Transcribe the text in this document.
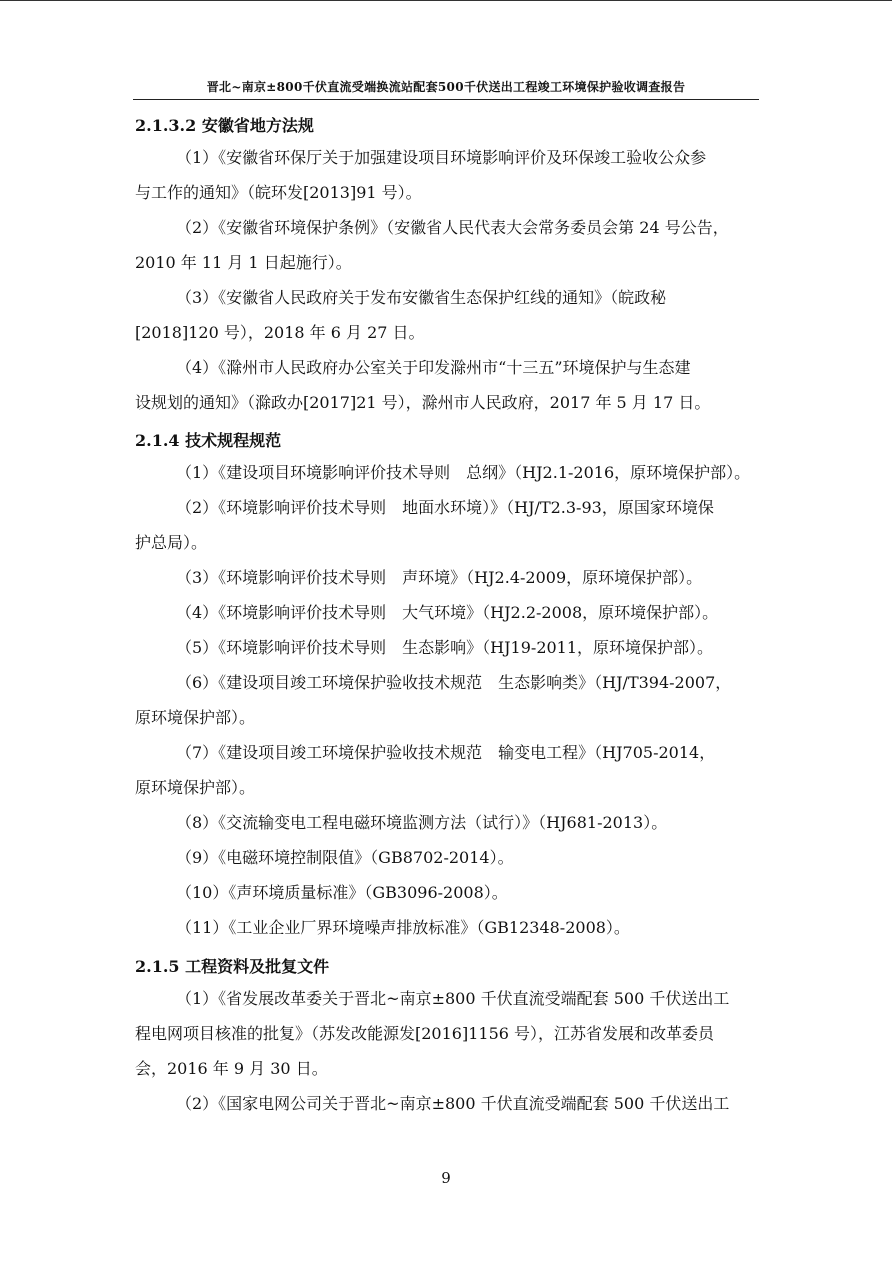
晋北~南京±800千伏直流受端换流站配套500千伏送出工程竣工环境保护验收调查报告
2.1.3.2 安徽省地方法规
（1）《安徽省环保厅关于加强建设项目环境影响评价及环保竣工验收公众参
与工作的通知》（皖环发[2013]91 号）。
（2）《安徽省环境保护条例》（安徽省人民代表大会常务委员会第 24 号公告，
2010 年 11 月 1 日起施行）。
（3）《安徽省人民政府关于发布安徽省生态保护红线的通知》（皖政秘
[2018]120 号），2018 年 6 月 27 日。
（4）《滁州市人民政府办公室关于印发滁州市“十三五”环境保护与生态建
设规划的通知》（滁政办[2017]21 号），滁州市人民政府，2017 年 5 月 17 日。
2.1.4 技术规程规范
（1）《建设项目环境影响评价技术导则　总纲》（HJ2.1-2016，原环境保护部）。
（2）《环境影响评价技术导则　地面水环境）》（HJ/T2.3-93，原国家环境保
护总局）。
（3）《环境影响评价技术导则　声环境》（HJ2.4-2009，原环境保护部）。
（4）《环境影响评价技术导则　大气环境》（HJ2.2-2008，原环境保护部）。
（5）《环境影响评价技术导则　生态影响》（HJ19-2011，原环境保护部）。
（6）《建设项目竣工环境保护验收技术规范　生态影响类》（HJ/T394-2007，
原环境保护部）。
（7）《建设项目竣工环境保护验收技术规范　输变电工程》（HJ705-2014，
原环境保护部）。
（8）《交流输变电工程电磁环境监测方法（试行）》（HJ681-2013）。
（9）《电磁环境控制限值》（GB8702-2014）。
（10）《声环境质量标准》（GB3096-2008）。
（11）《工业企业厂界环境噪声排放标准》（GB12348-2008）。
2.1.5 工程资料及批复文件
（1）《省发展改革委关于晋北~南京±800 千伏直流受端配套 500 千伏送出工
程电网项目核准的批复》（苏发改能源发[2016]1156 号），江苏省发展和改革委员
会，2016 年 9 月 30 日。
（2）《国家电网公司关于晋北~南京±800 千伏直流受端配套 500 千伏送出工
9
